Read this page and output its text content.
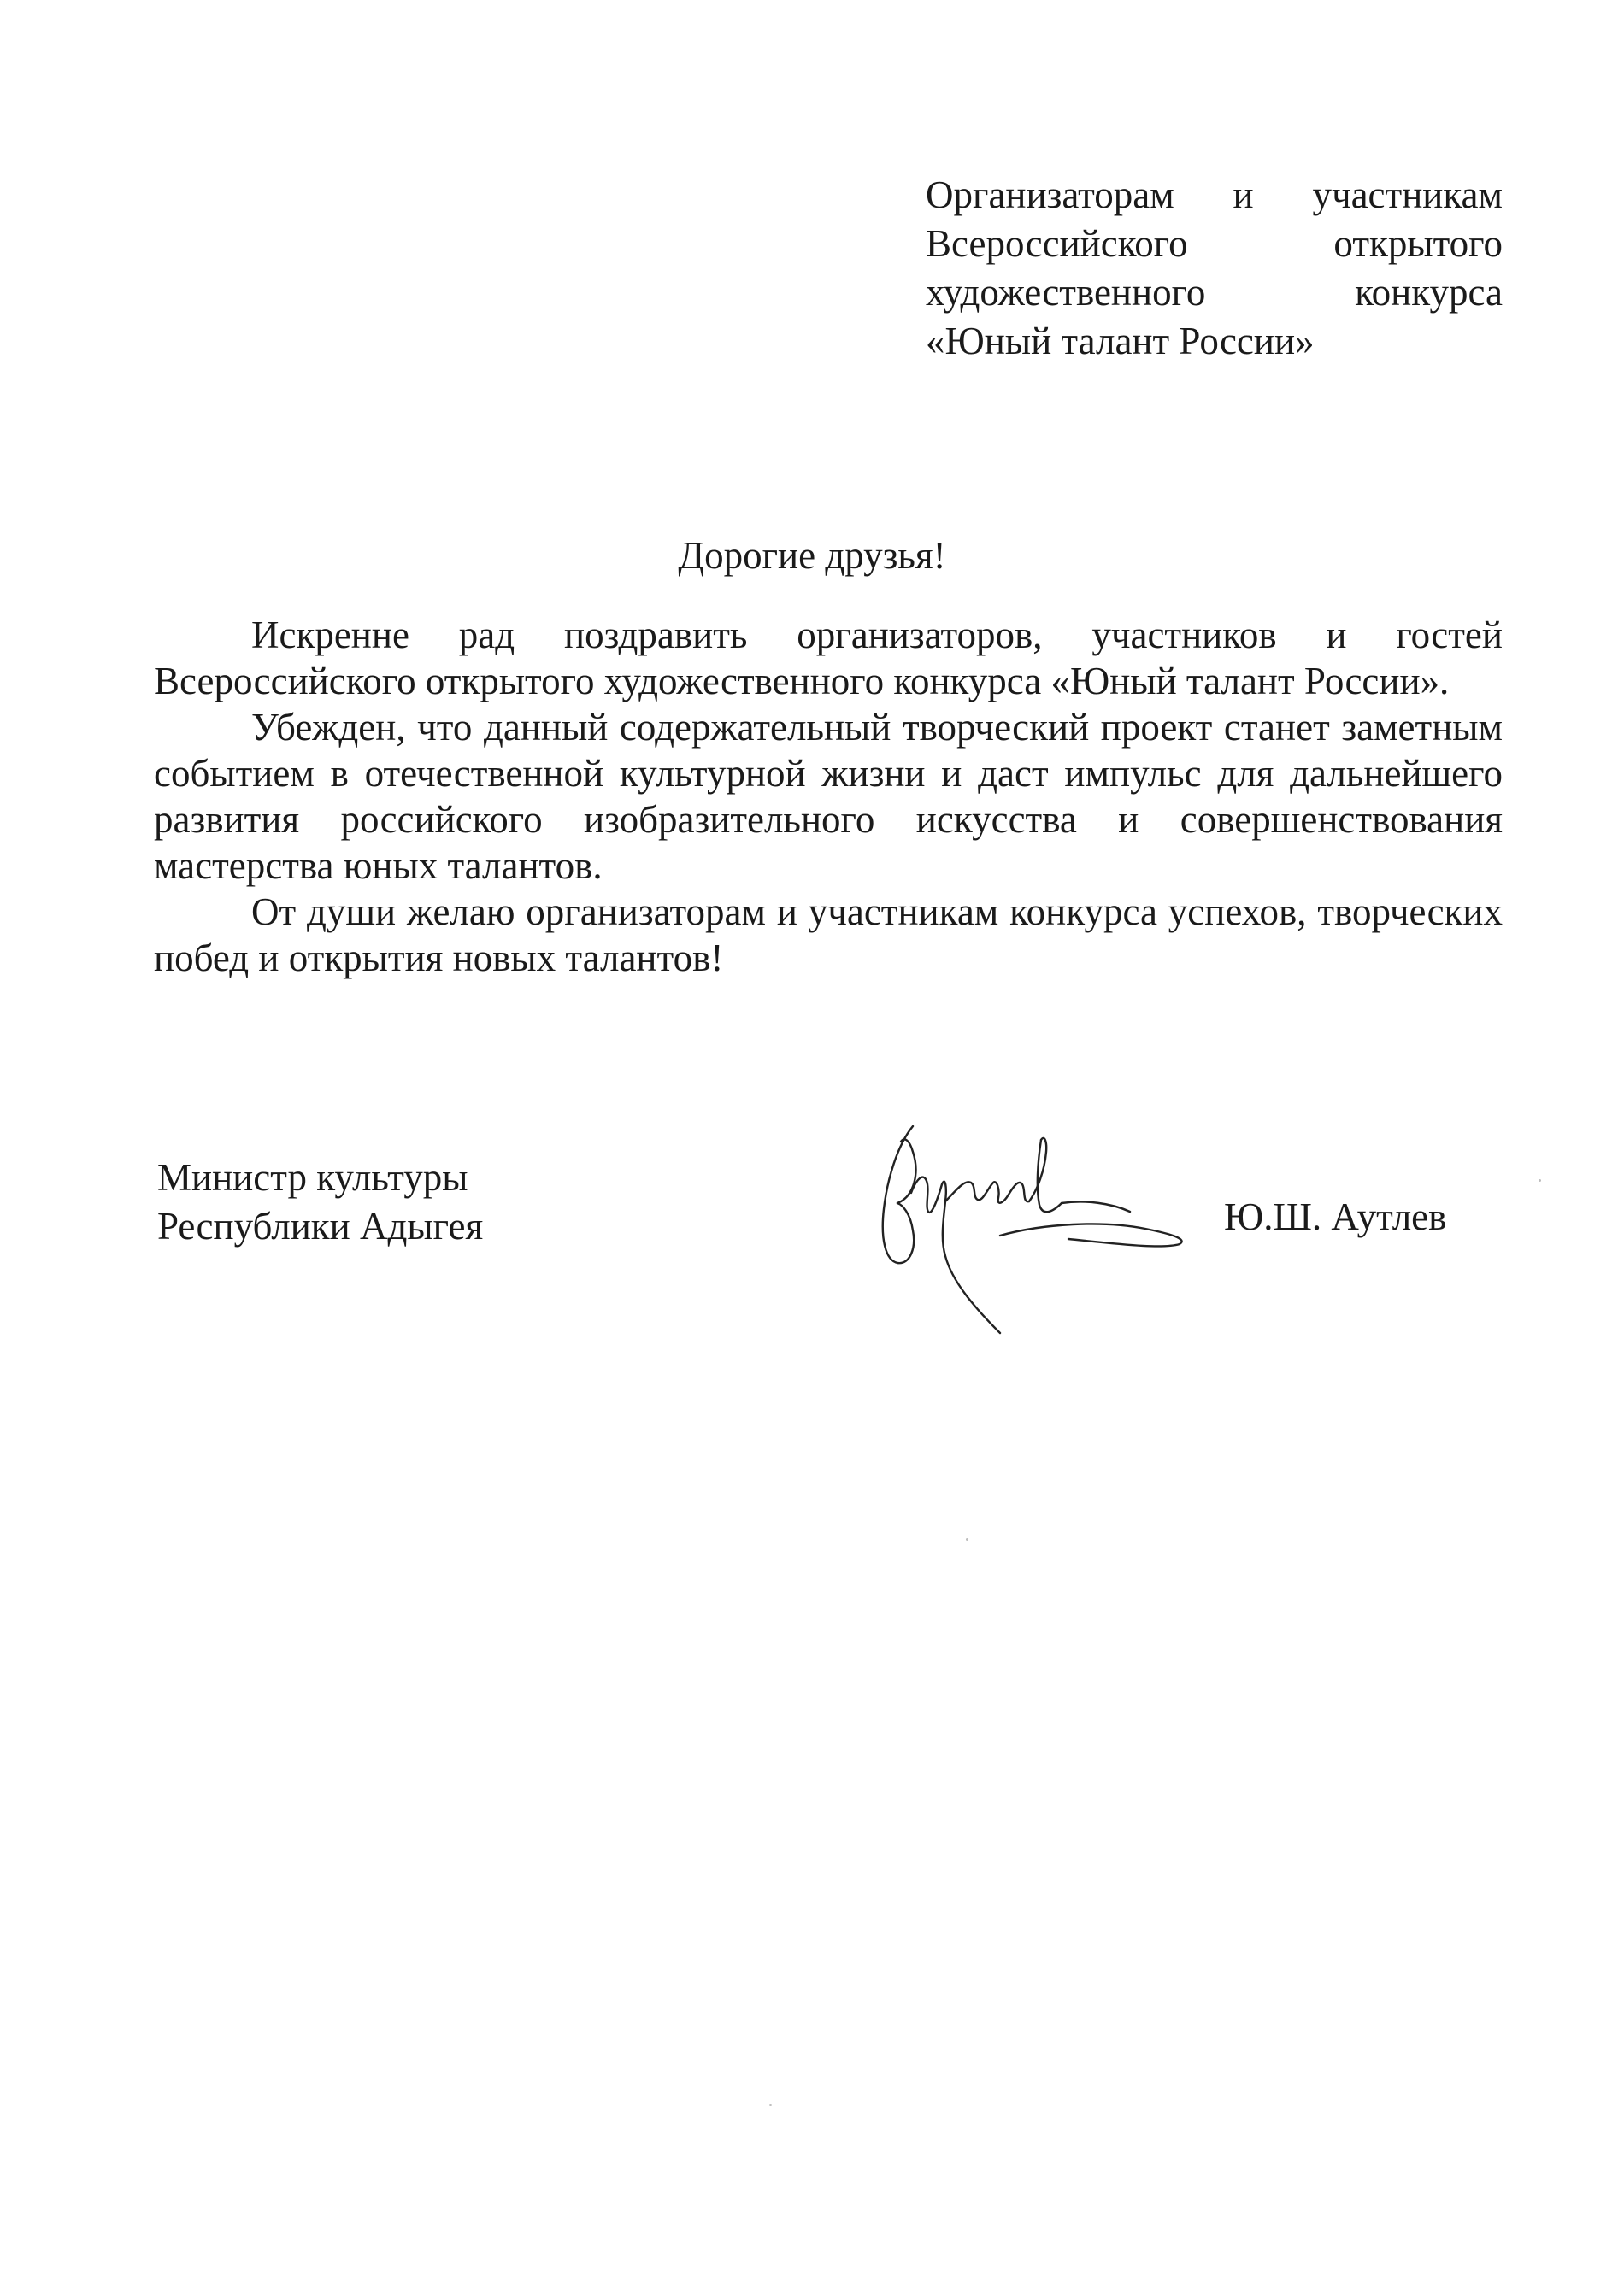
Организаторам и участникам
Всероссийского	открытого
художественного	конкурса
«Юный талант России»
Дорогие друзья!

Искренне рад поздравить организаторов, участников и гостей Всероссийского открытого художественного конкурса «Юный талант России».

Убежден, что данный содержательный творческий проект станет заметным событием в отечественной культурной жизни и даст импульс для дальнейшего развития российского изобразительного искусства и совершенствования мастерства юных талантов.

От души желаю организаторам и участникам конкурса успехов, творческих побед и открытия новых талантов!

Министр культуры
Республики Адыгея	Ю.Ш. Аутлев
